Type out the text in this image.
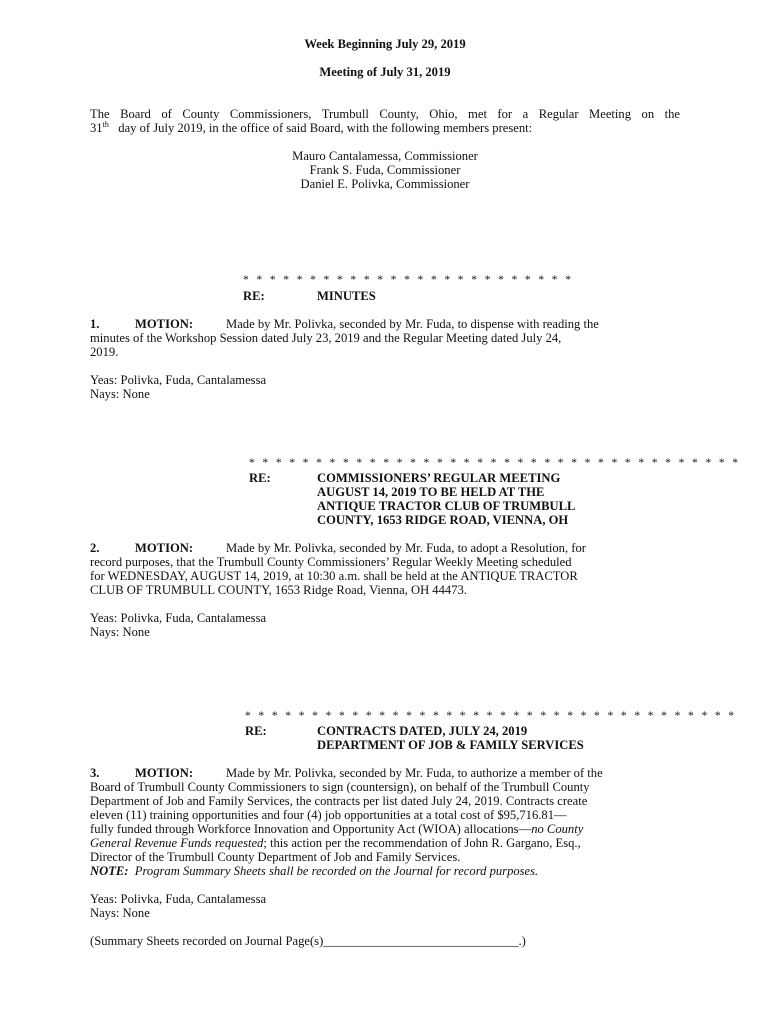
Week Beginning July 29, 2019
Meeting of July 31, 2019
The Board of County Commissioners, Trumbull County, Ohio, met for a Regular Meeting on the
31th day of July 2019, in the office of said Board, with the following members present:
Mauro Cantalamessa, Commissioner
Frank S. Fuda, Commissioner
Daniel E. Polivka, Commissioner
* * * * * * * * * * * * * * * * * * * * * * * * *
RE:	MINUTES
1.	MOTION:	Made by Mr. Polivka, seconded by Mr. Fuda, to dispense with reading the
minutes of the Workshop Session dated July 23, 2019 and the Regular Meeting dated July 24,
2019.
Yeas: Polivka, Fuda, Cantalamessa
Nays: None
* * * * * * * * * * * * * * * * * * * * * * * * * * * * * * * * * * * * *
RE:	COMMISSIONERS’ REGULAR MEETING
AUGUST 14, 2019 TO BE HELD AT THE
ANTIQUE TRACTOR CLUB OF TRUMBULL
COUNTY, 1653 RIDGE ROAD, VIENNA, OH
2.	MOTION:	Made by Mr. Polivka, seconded by Mr. Fuda, to adopt a Resolution, for
record purposes, that the Trumbull County Commissioners’ Regular Weekly Meeting scheduled
for WEDNESDAY, AUGUST 14, 2019, at 10:30 a.m. shall be held at the ANTIQUE TRACTOR
CLUB OF TRUMBULL COUNTY, 1653 Ridge Road, Vienna, OH 44473.
Yeas: Polivka, Fuda, Cantalamessa
Nays: None
* * * * * * * * * * * * * * * * * * * * * * * * * * * * * * * * * * * * *
RE:	CONTRACTS DATED, JULY 24, 2019
DEPARTMENT OF JOB & FAMILY SERVICES
3.	MOTION:	Made by Mr. Polivka, seconded by Mr. Fuda, to authorize a member of the
Board of Trumbull County Commissioners to sign (countersign), on behalf of the Trumbull County
Department of Job and Family Services, the contracts per list dated July 24, 2019. Contracts create
eleven (11) training opportunities and four (4) job opportunities at a total cost of $95,716.81—
fully funded through Workforce Innovation and Opportunity Act (WIOA) allocations—no County
General Revenue Funds requested; this action per the recommendation of John R. Gargano, Esq.,
Director of the Trumbull County Department of Job and Family Services.
NOTE:  Program Summary Sheets shall be recorded on the Journal for record purposes.
Yeas: Polivka, Fuda, Cantalamessa
Nays: None
(Summary Sheets recorded on Journal Page(s)_______________________________.)
